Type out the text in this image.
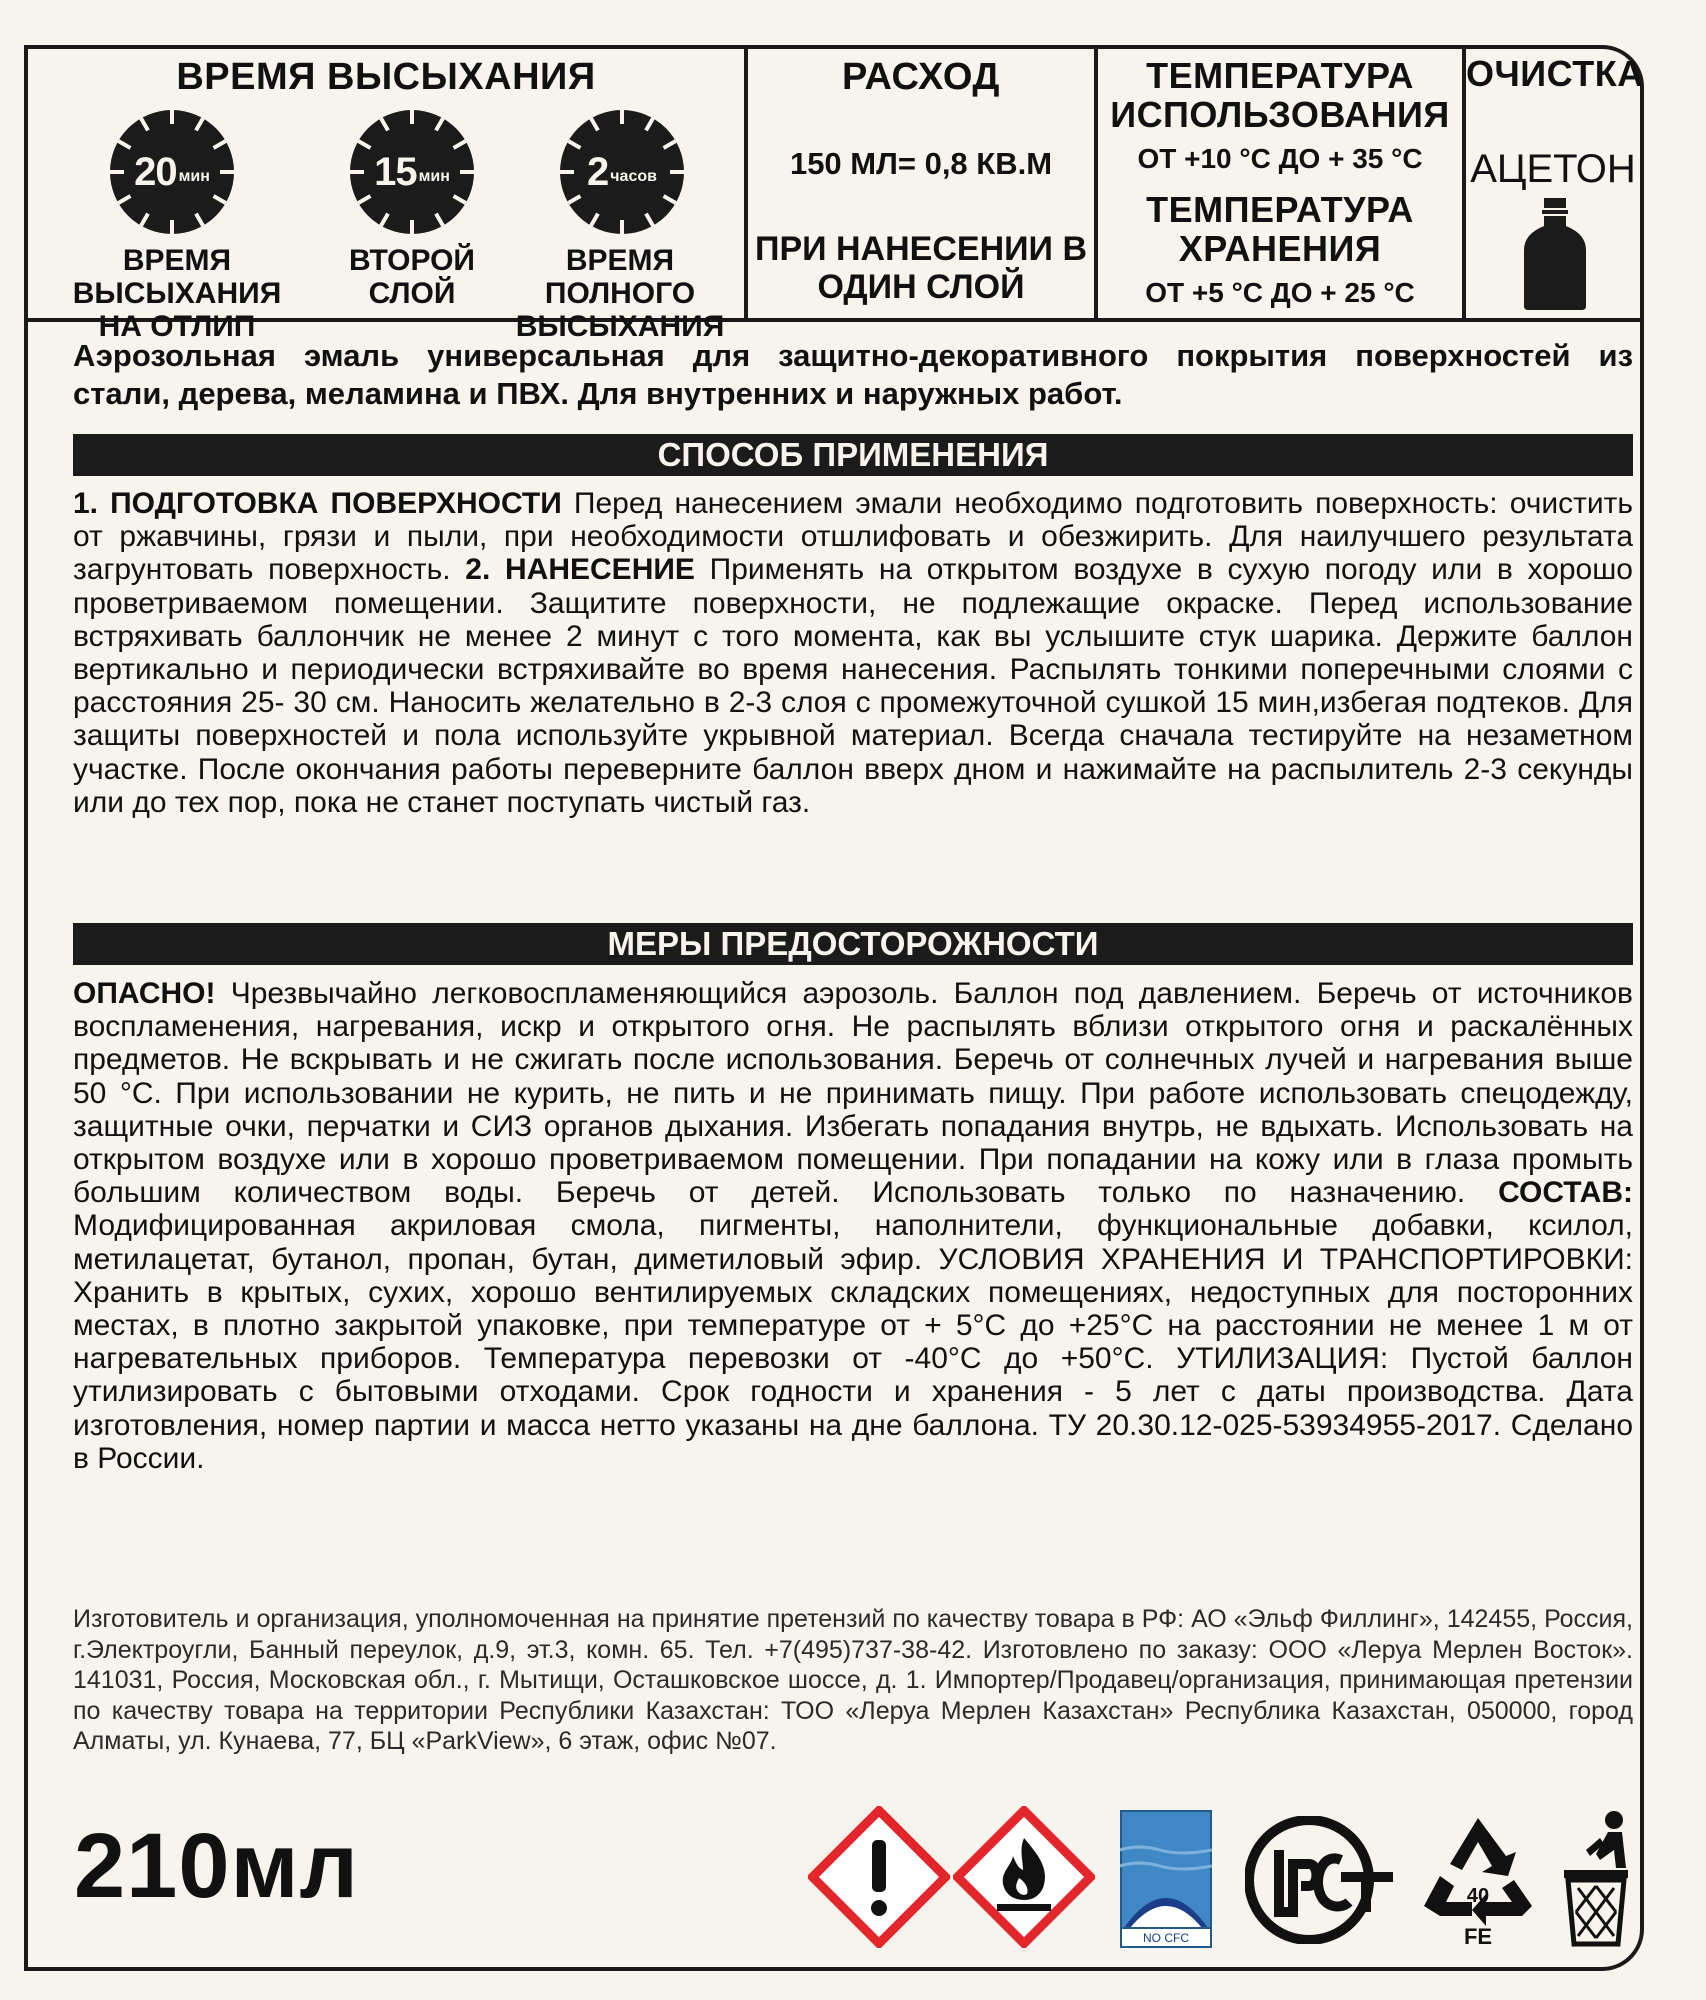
ВРЕМЯ ВЫСЫХАНИЯ
20 мин	15 мин	2 часов
ВРЕМЯ ВЫСЫХАНИЯ
НА ОТЛИП
ВТОРОЙ
СЛОЙ
ВРЕМЯ ПОЛНОГО
ВЫСЫХАНИЯ
РАСХОД
150 МЛ= 0,8 КВ.М
ПРИ НАНЕСЕНИИ В
ОДИН СЛОЙ
ТЕМПЕРАТУРА
ИСПОЛЬЗОВАНИЯ
ОТ +10 °С ДО + 35 °С
ТЕМПЕРАТУРА
ХРАНЕНИЯ
ОТ +5 °С ДО + 25 °С
ОЧИСТКА
АЦЕТОН
Аэрозольная эмаль универсальная для защитно-декоративного покрытия поверхностей из
стали, дерева, меламина и ПВХ. Для внутренних и наружных работ.
СПОСОБ ПРИМЕНЕНИЯ
1. ПОДГОТОВКА ПОВЕРХНОСТИ Перед нанесением эмали необходимо подготовить поверхность: очистить от ржавчины, грязи и пыли, при необходимости отшлифовать и обезжирить. Для наилучшего результата загрунтовать поверхность. 2. НАНЕСЕНИЕ Применять на открытом воздухе в сухую погоду или в хорошо проветриваемом помещении. Защитите поверхности, не подлежащие окраске. Перед использование встряхивать баллончик не менее 2 минут с того момента, как вы услышите стук шарика. Держите баллон вертикально и периодически встряхивайте во время нанесения. Распылять тонкими поперечными слоями с расстояния 25- 30 см. Наносить желательно в 2-3 слоя с промежуточной сушкой 15 мин,избегая подтеков. Для защиты поверхностей и пола используйте укрывной материал. Всегда сначала тестируйте на незаметном участке. После окончания работы переверните баллон вверх дном и нажимайте на распылитель 2-3 секунды или до тех пор, пока не станет поступать чистый газ.
МЕРЫ ПРЕДОСТОРОЖНОСТИ
ОПАСНО! Чрезвычайно легковоспламеняющийся аэрозоль. Баллон под давлением. Беречь от источников воспламенения, нагревания, искр и открытого огня. Не распылять вблизи открытого огня и раскалённых предметов. Не вскрывать и не сжигать после использования. Беречь от солнечных лучей и нагревания выше 50 °С. При использовании не курить, не пить и не принимать пищу. При работе использовать спецодежду, защитные очки, перчатки и СИЗ органов дыхания. Избегать попадания внутрь, не вдыхать. Использовать на открытом воздухе или в хорошо проветриваемом помещении. При попадании на кожу или в глаза промыть большим количеством воды. Беречь от детей. Использовать только по назначению. СОСТАВ: Модифицированная акриловая смола, пигменты, наполнители, функциональные добавки, ксилол, метилацетат, бутанол, пропан, бутан, диметиловый эфир. УСЛОВИЯ ХРАНЕНИЯ И ТРАНСПОРТИРОВКИ: Хранить в крытых, сухих, хорошо вентилируемых складских помещениях, недоступных для посторонних местах, в плотно закрытой упаковке, при температуре от + 5°С до +25°С на расстоянии не менее 1 м от нагревательных приборов. Температура перевозки от -40°С до +50°С. УТИЛИЗАЦИЯ: Пустой баллон утилизировать с бытовыми отходами. Срок годности и хранения - 5 лет с даты производства. Дата изготовления, номер партии и масса нетто указаны на дне баллона. ТУ 20.30.12-025-53934955-2017. Сделано в России.
Изготовитель и организация, уполномоченная на принятие претензий по качеству товара в РФ: АО «Эльф Филлинг», 142455, Россия, г.Электроугли, Банный переулок, д.9, эт.3, комн. 65. Тел. +7(495)737-38-42. Изготовлено по заказу: ООО «Леруа Мерлен Восток». 141031, Россия, Московская обл., г. Мытищи, Осташковское шоссе, д. 1. Импортер/Продавец/организация, принимающая претензии по качеству товара на территории Республики Казахстан: ТОО «Леруа Мерлен Казахстан» Республика Казахстан, 050000, город Алматы, ул. Кунаева, 77, БЦ «ParkView», 6 этаж, офис №07.
210мл
NO CFC
40
FE
